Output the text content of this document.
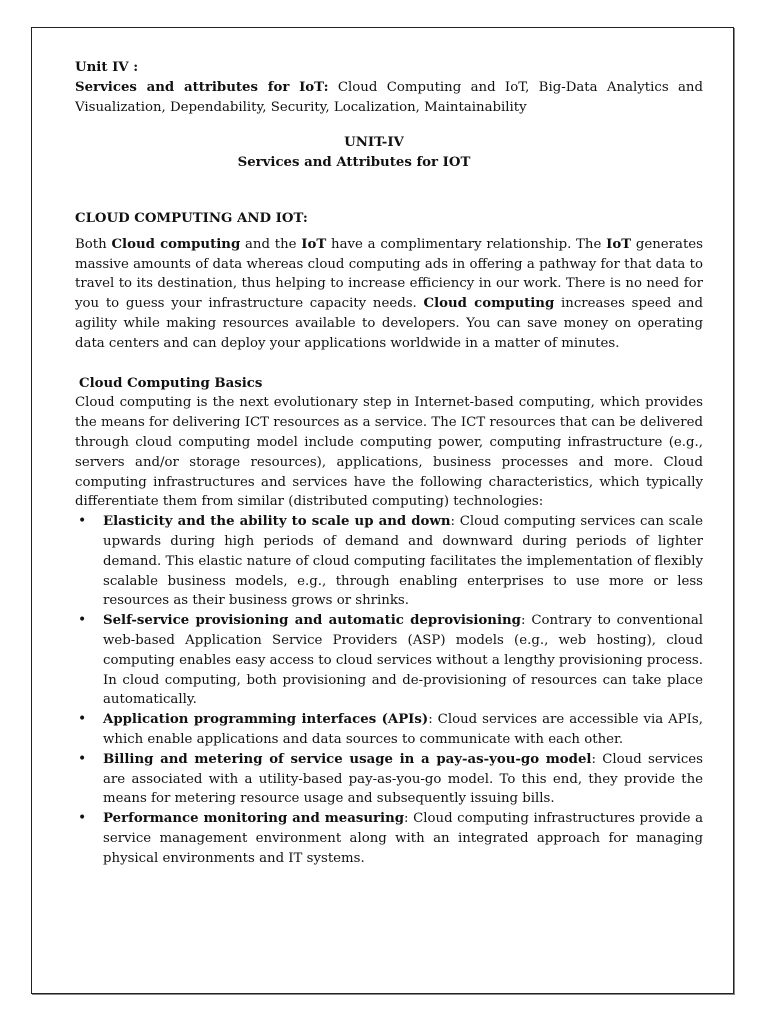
Unit IV :

Services and attributes for IoT: Cloud Computing and IoT, Big-Data Analytics and Visualization, Dependability, Security, Localization, Maintainability

UNIT-IV

Services and Attributes for IOT

CLOUD COMPUTING AND IOT:

Both Cloud computing and the IoT have a complimentary relationship. The IoT generates massive amounts of data whereas cloud computing ads in offering a pathway for that data to travel to its destination, thus helping to increase efficiency in our work. There is no need for you to guess your infrastructure capacity needs. Cloud computing increases speed and agility while making resources available to developers. You can save money on operating data centers and can deploy your applications worldwide in a matter of minutes.

Cloud Computing Basics

Cloud computing is the next evolutionary step in Internet-based computing, which provides the means for delivering ICT resources as a service. The ICT resources that can be delivered through cloud computing model include computing power, computing infrastructure (e.g., servers and/or storage resources), applications, business processes and more. Cloud computing infrastructures and services have the following characteristics, which typically differentiate them from similar (distributed computing) technologies:

• Elasticity and the ability to scale up and down: Cloud computing services can scale upwards during high periods of demand and downward during periods of lighter demand. This elastic nature of cloud computing facilitates the implementation of flexibly scalable business models, e.g., through enabling enterprises to use more or less resources as their business grows or shrinks.
• Self-service provisioning and automatic deprovisioning: Contrary to conventional web-based Application Service Providers (ASP) models (e.g., web hosting), cloud computing enables easy access to cloud services without a lengthy provisioning process. In cloud computing, both provisioning and de-provisioning of resources can take place automatically.
• Application programming interfaces (APIs): Cloud services are accessible via APIs, which enable applications and data sources to communicate with each other.
• Billing and metering of service usage in a pay-as-you-go model: Cloud services are associated with a utility-based pay-as-you-go model. To this end, they provide the means for metering resource usage and subsequently issuing bills.
• Performance monitoring and measuring: Cloud computing infrastructures provide a service management environment along with an integrated approach for managing physical environments and IT systems.
